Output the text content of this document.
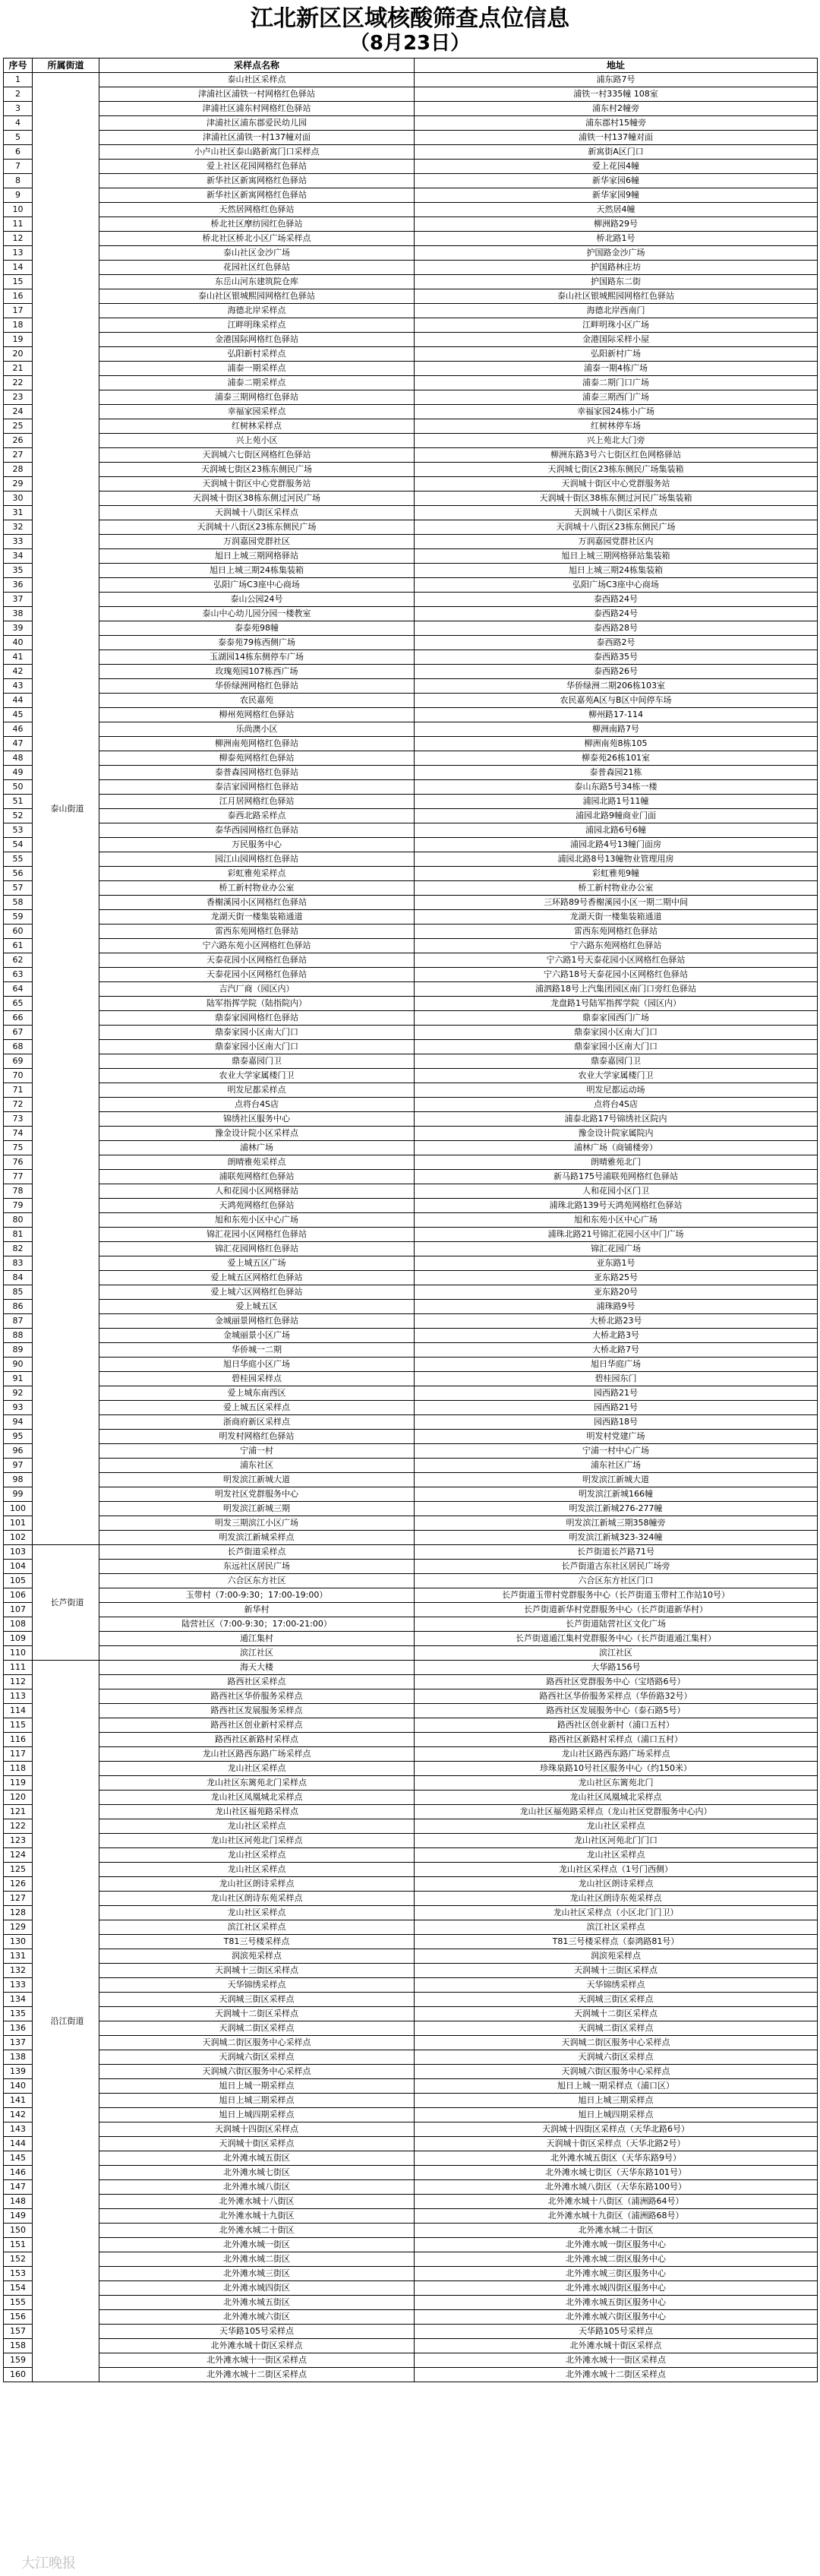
江北新区区域核酸筛查点位信息
（8月23日）
序号	所属街道	采样点名称	地址
1	泰山街道	泰山社区采样点	浦东路7号
2		津浦社区浦铁一村网格红色驿站	浦铁一村335幢 108室
3		津浦社区浦东村网格红色驿站	浦东村2幢旁
4		津浦社区浦东郡爱民幼儿园	浦东郡村15幢旁
5		津浦社区浦铁一村137幢对面	浦铁一村137幢对面
6		小卢山社区泰山路新寓门口采样点	新寓街A区门口
7		爱上社区花园网格红色驿站	爱上花园4幢
8		新华社区新寓网格红色驿站	新华家园6幢
9		新华社区新寓网格红色驿站	新华家园9幢
10		天然居网格红色驿站	天然居4幢
11		桥北社区摩纺园红色驿站	柳洲路29号
12		桥北社区桥北小区广场采样点	桥北路1号
13		泰山社区金沙广场	护国路金沙广场
14		花园社区红色驿站	护国路林庄坊
15		东岳山河东建筑院仓库	护国路东二街
16		泰山社区银城熙园网格红色驿站	泰山社区银城熙园网格红色驿站
17		海德北岸采样点	海德北岸西南门
18		江畔明珠采样点	江畔明珠小区广场
19		金港国际网格红色驿站	金港国际采样小屋
20		弘阳新村采样点	弘阳新村广场
21		浦泰一期采样点	浦泰一期4栋广场
22		浦泰二期采样点	浦泰二期门口广场
23		浦泰三期网格红色驿站	浦泰三期西门广场
24		幸福家园采样点	幸福家园24栋小广场
25		红树林采样点	红树林停车场
26		兴上苑小区	兴上苑北大门旁
27		天润城六七街区网格红色驿站	柳洲东路3号六七街区红色网格驿站
28		天润城七街区23栋东侧民广场	天润城七街区23栋东侧民广场集装箱
29		天润城十街区中心党群服务站	天润城十街区中心党群服务站
30		天润城十街区38栋东侧过河民广场	天润城十街区38栋东侧过河民广场集装箱
31		天润城十八街区采样点	天润城十八街区采样点
32		天润城十八街区23栋东侧民广场	天润城十八街区23栋东侧民广场
33		万润嘉园党群社区	万润嘉园党群社区内
34		旭日上城三期网格驿站	旭日上城三期网格驿站集装箱
35		旭日上城三期24栋集装箱	旭日上城三期24栋集装箱
36		弘阳广场C3座中心商场	弘阳广场C3座中心商场
37		泰山公园24号	泰西路24号
38		泰山中心幼儿园分园一楼教室	泰西路24号
39		泰泰苑98幢	泰西路28号
40		泰泰苑79栋西侧广场	泰西路2号
41		玉湖园14栋东侧停车广场	泰西路35号
42		玫瑰苑园107栋西广场	泰西路26号
43		华侨绿洲网格红色驿站	华侨绿洲二期206栋103室
44		农民嘉苑	农民嘉苑A区与B区中间停车场
45		柳州苑网格红色驿站	柳州路17-114
46		乐尚澳小区	柳洲南路7号
47		柳洲南苑网格红色驿站	柳洲南苑8栋105
48		柳泰苑网格红色驿站	柳泰苑26栋101室
49		泰普森园网格红色驿站	泰普森园21栋
50		泰洁家园网格红色驿站	泰山东路5号34栋一楼
51		江月居网格红色驿站	浦园北路1号11幢
52		泰西北路采样点	浦园北路9幢商业门面
53		泰华西园网格红色驿站	浦园北路6号6幢
54		万民服务中心	浦园北路4号13幢门面房
55		园江山园网格红色驿站	浦园北路8号13幢物业管理用房
56		彩虹雅苑采样点	彩虹雅苑9幢
57		桥工新村物业办公室	桥工新村物业办公室
58		香榭溪园小区网格红色驿站	三环路89号香榭溪园小区一期二期中间
59		龙湖天街一楼集装箱通道	龙湖天街一楼集装箱通道
60		雷西东苑网格红色驿站	雷西东苑网格红色驿站
61		宁六路东苑小区网格红色驿站	宁六路东苑网格红色驿站
62		天泰花园小区网格红色驿站	宁六路1号天泰花园小区网格红色驿站
63		天泰花园小区网格红色驿站	宁六路18号天泰花园小区网格红色驿站
64		吉汽厂商（园区内）	浦泗路18号上汽集团园区南门口旁红色驿站
65		陆军指挥学院（陆指院内）	龙盘路1号陆军指挥学院（园区内）
66		鼎泰家园网格红色驿站	鼎泰家园西门广场
67		鼎泰家园小区南大门口	鼎泰家园小区南大门口
68		鼎泰家园小区南大门口	鼎泰家园小区南大门口
69		鼎泰嘉园门卫	鼎泰嘉园门卫
70		农业大学家属楼门卫	农业大学家属楼门卫
71		明发尼都采样点	明发尼都运动场
72		点将台4S店	点将台4S店
73		锦绣社区服务中心	浦泰北路17号锦绣社区院内
74		豫金设计院小区采样点	豫金设计院家属院内
75		浦林广场	浦林广场（商铺楼旁）
76		朗晴雅苑采样点	朗晴雅苑北门
77		浦联苑网格红色驿站	新马路175号浦联苑网格红色驿站
78		人和花园小区网格驿站	人和花园小区门卫
79		天鸿苑网格红色驿站	浦珠北路139号天鸿苑网格红色驿站
80		旭和东苑小区中心广场	旭和东苑小区中心广场
81		锦汇花园小区网格红色驿站	浦珠北路21号锦汇花园小区中门广场
82		锦汇花园网格红色驿站	锦汇花园广场
83		爱上城五区广场	亚东路1号
84		爱上城五区网格红色驿站	亚东路25号
85		爱上城六区网格红色驿站	亚东路20号
86		爱上城五区	浦珠路9号
87		金城丽景网格红色驿站	大桥北路23号
88		金城丽景小区广场	大桥北路3号
89		华侨城一二期	大桥北路7号
90		旭日华庭小区广场	旭日华庭广场
91		碧桂园采样点	碧桂园东门
92		爱上城东南西区	园西路21号
93		爱上城五区采样点	园西路21号
94		浙商府新区采样点	园西路18号
95		明发村网格红色驿站	明发村党建广场
96		宁浦一村	宁浦一村中心广场
97		浦东社区	浦东社区广场
98		明发滨江新城大道	明发滨江新城大道
99		明发社区党群服务中心	明发滨江新城166幢
100		明发滨江新城三期	明发滨江新城276-277幢
101		明发三期滨江小区广场	明发滨江新城三期358幢旁
102		明发滨江新城采样点	明发滨江新城323-324幢
103	长芦街道	长芦街道采样点	长芦街道长芦路71号
104		东远社区居民广场	长芦街道古东社区居民广场旁
105		六合区东方社区	六合区东方社区门口
106		玉带村（7:00-9:30；17:00-19:00）	长芦街道玉带村党群服务中心（长芦街道玉带村工作站10号）
107		新华村	长芦街道新华村党群服务中心（长芦街道新华村）
108		陆营社区（7:00-9:30；17:00-21:00）	长芦街道陆营社区文化广场
109		通江集村	长芦街道通江集村党群服务中心（长芦街道通江集村）
110		滨江社区	滨江社区
111	沿江街道	海天大楼	大华路156号
112		路西社区采样点	路西社区党群服务中心（宝塔路6号）
113		路西社区华侨服务采样点	路西社区华侨服务采样点（华侨路32号）
114		路西社区发展服务采样点	路西社区发展服务中心（泰石路5号）
115		路西社区创业新村采样点	路西社区创业新村（浦口五村）
116		路西社区新路村采样点	路西社区新路村采样点（浦口五村）
117		龙山社区路西东路广场采样点	龙山社区路西东路广场采样点
118		龙山社区采样点	珍珠泉路10号社区服务中心（约150米）
119		龙山社区东篱苑北门采样点	龙山社区东篱苑北门
120		龙山社区凤凰城北采样点	龙山社区凤凰城北采样点
121		龙山社区福苑路采样点	龙山社区福苑路采样点（龙山社区党群服务中心内）
122		龙山社区采样点	龙山社区采样点
123		龙山社区河苑北门采样点	龙山社区河苑北门门口
124		龙山社区采样点	龙山社区采样点
125		龙山社区采样点	龙山社区采样点（1号门西侧）
126		龙山社区朗诗采样点	龙山社区朗诗采样点
127		龙山社区朗诗东苑采样点	龙山社区朗诗东苑采样点
128		龙山社区采样点	龙山社区采样点（小区北门门卫）
129		滨江社区采样点	滨江社区采样点
130		T81三号楼采样点	T81三号楼采样点（泰鸿路81号）
131		润滨苑采样点	润滨苑采样点
132		天润城十三街区采样点	天润城十三街区采样点
133		天华锦绣采样点	天华锦绣采样点
134		天润城三街区采样点	天润城三街区采样点
135		天润城十二街区采样点	天润城十二街区采样点
136		天润城二街区采样点	天润城二街区采样点
137		天润城二街区服务中心采样点	天润城二街区服务中心采样点
138		天润城六街区采样点	天润城六街区采样点
139		天润城六街区服务中心采样点	天润城六街区服务中心采样点
140		旭日上城一期采样点	旭日上城一期采样点（浦口区）
141		旭日上城三期采样点	旭日上城三期采样点
142		旭日上城四期采样点	旭日上城四期采样点
143		天润城十四街区采样点	天润城十四街区采样点（天华北路6号）
144		天润城十街区采样点	天润城十街区采样点（天华北路2号）
145		北外滩水城五街区	北外滩水城五街区（天华东路9号）
146		北外滩水城七街区	北外滩水城七街区（天华东路101号）
147		北外滩水城八街区	北外滩水城八街区（天华东路100号）
148		北外滩水城十八街区	北外滩水城十八街区（浦洲路64号）
149		北外滩水城十九街区	北外滩水城十九街区（浦洲路68号）
150		北外滩水城二十街区	北外滩水城二十街区
151		北外滩水城一街区	北外滩水城一街区服务中心
152		北外滩水城二街区	北外滩水城二街区服务中心
153		北外滩水城三街区	北外滩水城三街区服务中心
154		北外滩水城四街区	北外滩水城四街区服务中心
155		北外滩水城五街区	北外滩水城五街区服务中心
156		北外滩水城六街区	北外滩水城六街区服务中心
157		天华路105号采样点	天华路105号采样点
158		北外滩水城十街区采样点	北外滩水城十街区采样点
159		北外滩水城十一街区采样点	北外滩水城十一街区采样点
160		北外滩水城十二街区采样点	北外滩水城十二街区采样点
大江晚报
